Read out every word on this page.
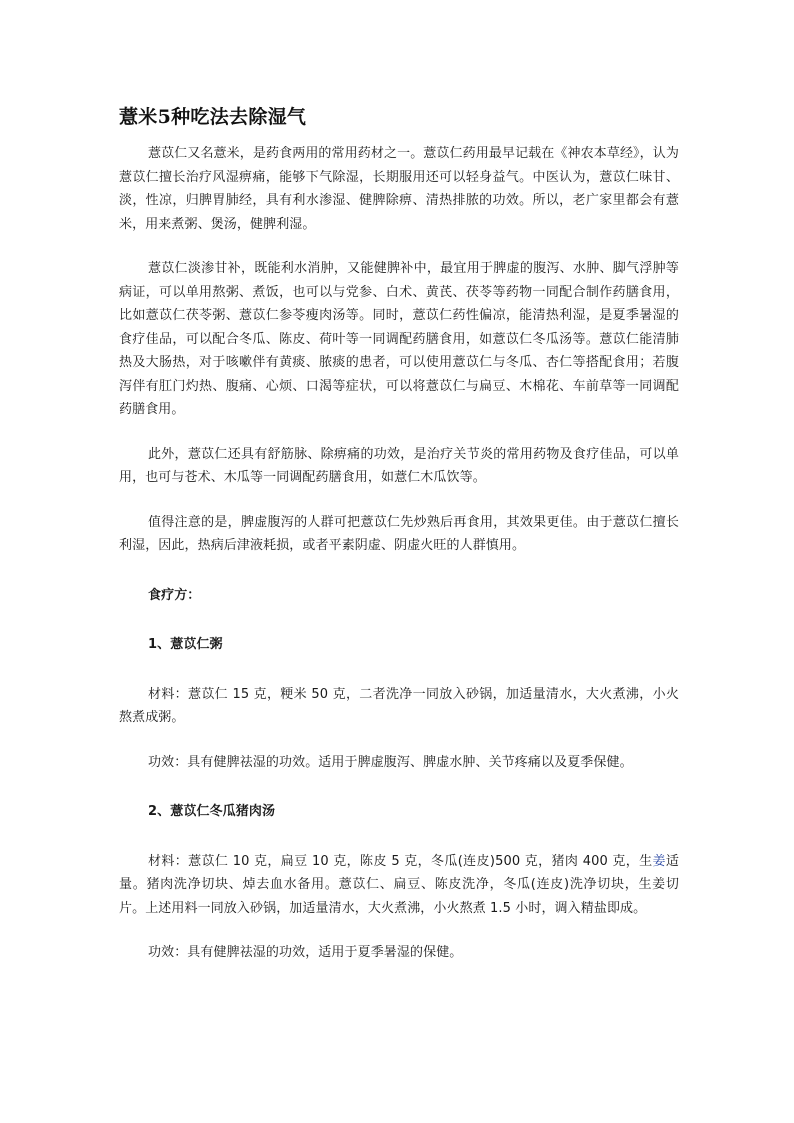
薏米5种吃法去除湿气

薏苡仁又名薏米，是药食两用的常用药材之一。薏苡仁药用最早记载在《神农本草经》，认为薏苡仁擅长治疗风湿痹痛，能够下气除湿，长期服用还可以轻身益气。中医认为，薏苡仁味甘、淡，性凉，归脾胃肺经，具有利水渗湿、健脾除痹、清热排脓的功效。所以，老广家里都会有薏米，用来煮粥、煲汤，健脾利湿。

薏苡仁淡渗甘补，既能利水消肿，又能健脾补中，最宜用于脾虚的腹泻、水肿、脚气浮肿等病证，可以单用熬粥、煮饭，也可以与党参、白术、黄芪、茯苓等药物一同配合制作药膳食用，比如薏苡仁茯苓粥、薏苡仁参苓瘦肉汤等。同时，薏苡仁药性偏凉，能清热利湿，是夏季暑湿的食疗佳品，可以配合冬瓜、陈皮、荷叶等一同调配药膳食用，如薏苡仁冬瓜汤等。薏苡仁能清肺热及大肠热，对于咳嗽伴有黄痰、脓痰的患者，可以使用薏苡仁与冬瓜、杏仁等搭配食用；若腹泻伴有肛门灼热、腹痛、心烦、口渴等症状，可以将薏苡仁与扁豆、木棉花、车前草等一同调配药膳食用。

此外，薏苡仁还具有舒筋脉、除痹痛的功效，是治疗关节炎的常用药物及食疗佳品，可以单用，也可与苍术、木瓜等一同调配药膳食用，如薏仁木瓜饮等。

值得注意的是，脾虚腹泻的人群可把薏苡仁先炒熟后再食用，其效果更佳。由于薏苡仁擅长利湿，因此，热病后津液耗损，或者平素阴虚、阴虚火旺的人群慎用。

食疗方：

1、薏苡仁粥

材料：薏苡仁 15 克，粳米 50 克，二者洗净一同放入砂锅，加适量清水，大火煮沸，小火熬煮成粥。

功效：具有健脾祛湿的功效。适用于脾虚腹泻、脾虚水肿、关节疼痛以及夏季保健。

2、薏苡仁冬瓜猪肉汤

材料：薏苡仁 10 克，扁豆 10 克，陈皮 5 克，冬瓜(连皮)500 克，猪肉 400 克，生姜适量。猪肉洗净切块、焯去血水备用。薏苡仁、扁豆、陈皮洗净，冬瓜(连皮)洗净切块，生姜切片。上述用料一同放入砂锅，加适量清水，大火煮沸，小火熬煮 1.5 小时，调入精盐即成。

功效：具有健脾祛湿的功效，适用于夏季暑湿的保健。
